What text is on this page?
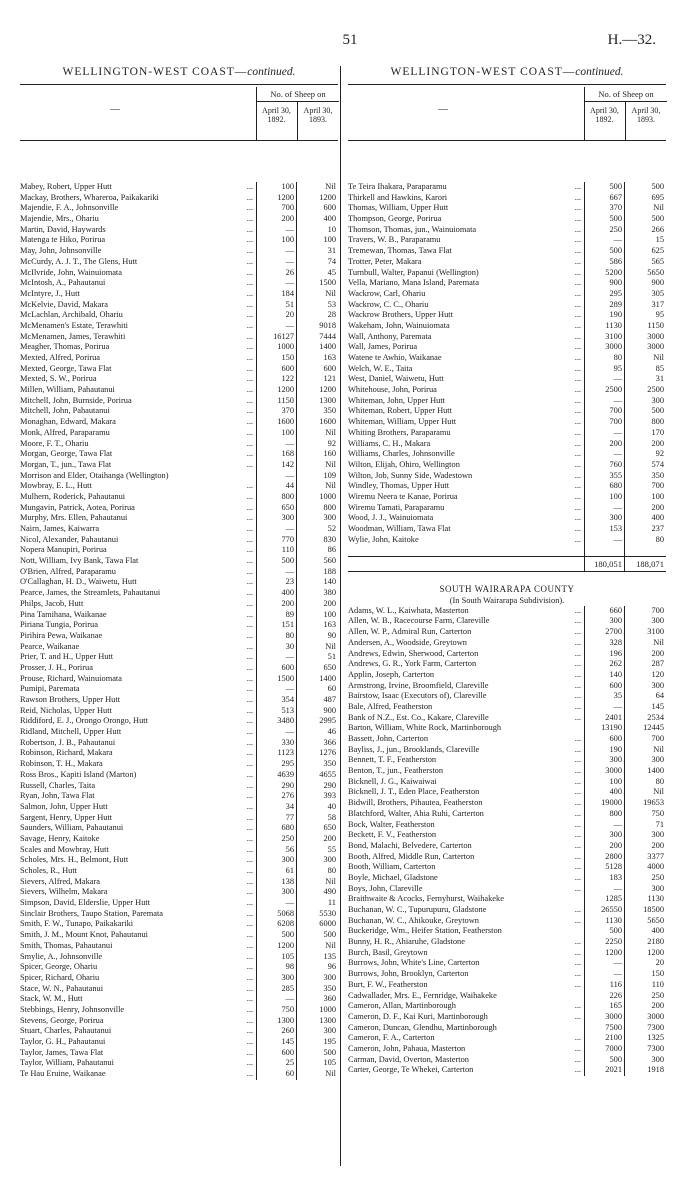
51	H.—32.
WELLINGTON-WEST COAST—continued.
—
No. of Sheep on
April 30,
1892.
April 30,
1893.
...
Mabey, Robert, Upper Hutt	100	Nil
...
Mackay, Brothers, Whareroa, Paikakariki	1200	1200
...
Majendie, F. A., Johnsonville	700	600
...
Majendie, Mrs., Ohariu	200	400
...
Martin, David, Haywards	—	10
...
Matenga te Hiko, Porirua	100	100
...
May, John, Johnsonville	—	31
...
McCurdy, A. J. T., The Glens, Hutt	—	74
...
McIlvride, John, Wainuiomata	26	45
...
McIntosh, A., Pahautanui	—	1500
...
McIntyre, J., Hutt	184	Nil
...
McKelvie, David, Makara	51	53
...
McLachlan, Archibald, Ohariu	20	28
...
McMenamen's Estate, Terawhiti	—	9018
...
McMenamen, James, Terawhiti	16127	7444
...
Meagher, Thomas, Porirua	1000	1400
...
Mexted, Alfred, Porirua	150	163
...
Mexted, George, Tawa Flat	600	600
...
Mexted, S. W., Porirua	122	121
...
Millen, William, Pahautanui	1200	1200
...
Mitchell, John, Burnside, Porirua	1150	1300
...
Mitchell, John, Pahautanui	370	350
...
Monaghan, Edward, Makara	1600	1600
...
Monk, Alfred, Paraparamu	100	Nil
...
Moore, F. T., Ohariu	—	92
...
Morgan, George, Tawa Flat	168	160
...
Morgan, T., jun., Tawa Flat	142	Nil
Morrison and Elder, Otaihanga (Wellington)	—	109
...
Mowbray, E. L., Hutt	44	Nil
...
Mulhern, Roderick, Pahautanui	800	1000
...
Mungavin, Patrick, Aotea, Porirua	650	800
...
Murphy, Mrs. Ellen, Pahautanui	300	300
...
Nairn, James, Kaiwarra	—	52
...
Nicol, Alexander, Pahautanui	770	830
...
Nopera Manupiri, Porirua	110	86
...
Nott, William, Ivy Bank, Tawa Flat	500	560
...
O'Brien, Alfred, Paraparamu	—	188
...
O'Callaghan, H. D., Waiwetu, Hutt	23	140
...
Pearce, James, the Streamlets, Pahautanui	400	380
...
Philps, Jacob, Hutt	200	200
...
Pina Tamihana, Waikanae	89	100
...
Piriana Tungia, Porirua	151	163
...
Pirihira Pewa, Waikanae	80	90
...
Pearce, Waikanae	30	Nil
...
Prier, T. and H., Upper Hutt	—	51
...
Prosser, J. H., Porirua	600	650
...
Prouse, Richard, Wainuiomata	1500	1400
...
Pumipi, Paremata	—	60
...
Rawson Brothers, Upper Hutt	354	487
...
Reid, Nicholas, Upper Hutt	513	900
...
Riddiford, E. J., Orongo Orongo, Hutt	3480	2995
...
Ridland, Mitchell, Upper Hutt	—	46
...
Robertson, J. B., Pahautanui	330	366
...
Robinson, Richard, Makara	1123	1276
...
Robinson, T. H., Makara	295	350
...
Ross Bros., Kapiti Island (Marton)	4639	4655
...
Russell, Charles, Taita	290	290
...
Ryan, John, Tawa Flat	276	393
...
Salmon, John, Upper Hutt	34	40
...
Sargent, Henry, Upper Hutt	77	58
...
Saunders, William, Pahautanui	680	650
...
Savage, Henry, Kaitoke	250	200
...
Scales and Mowbray, Hutt	56	55
...
Scholes, Mrs. H., Belmont, Hutt	300	300
...
Scholes, R., Hutt	61	80
...
Sievers, Alfred, Makara	138	Nil
...
Sievers, Wilhelm, Makara	300	490
...
Simpson, David, Elderslie, Upper Hutt	—	11
...
Sinclair Brothers, Taupo Station, Paremata	5068	5530
...
Smith, F. W., Tunapo, Paikakariki	6208	6000
...
Smith, J. M., Mount Knot, Pahautanui	500	500
...
Smith, Thomas, Pahautanui	1200	Nil
...
Smylie, A., Johnsonville	105	135
...
Spicer, George, Ohariu	98	96
...
Spicer, Richard, Ohariu	300	300
...
Stace, W. N., Pahautanui	285	350
...
Stack, W. M., Hutt	—	360
...
Stebbings, Henry, Johnsonville	750	1000
...
Stevens, George, Porirua	1300	1300
...
Stuart, Charles, Pahautanui	260	300
...
Taylor, G. H., Pahautanui	145	195
...
Taylor, James, Tawa Flat	600	500
...
Taylor, William, Pahautanui	25	105
...
Te Hau Eruine, Waikanae	60	Nil
WELLINGTON-WEST COAST—continued.
—
No. of Sheep on
April 30,
1892.
April 30,
1893.
...
Te Teira Ihakara, Paraparamu	500	500
...
Thirkell and Hawkins, Karori	667	695
...
Thomas, William, Upper Hutt	370	Nil
...
Thompson, George, Porirua	500	500
...
Thomson, Thomas, jun., Wainuiomata	250	266
...
Travers, W. B., Paraparamu	—	15
...
Tremewan, Thomas, Tawa Flat	500	625
...
Trotter, Peter, Makara	586	565
...
Turnbull, Walter, Papanui (Wellington)	5200	5650
...
Vella, Mariano, Mana Island, Paremata	900	900
...
Wackrow, Carl, Ohariu	295	305
...
Wackrow, C. C., Ohariu	289	317
...
Wackrow Brothers, Upper Hutt	190	95
...
Wakeham, John, Wainuiomata	1130	1150
...
Wall, Anthony, Paremata	3100	3000
...
Wall, James, Porirua	3000	3000
...
Watene te Awhio, Waikanae	80	Nil
...
Welch, W. E., Taita	95	85
...
West, Daniel, Waiwetu, Hutt	—	31
...
Whitehouse, John, Porirua	2500	2500
...
Whiteman, John, Upper Hutt	—	300
...
Whiteman, Robert, Upper Hutt	700	500
...
Whiteman, William, Upper Hutt	700	800
...
Whiting Brothers, Paraparamu	—	170
...
Williams, C. H., Makara	200	200
...
Williams, Charles, Johnsonville	—	92
...
Wilton, Elijah, Ohiro, Wellington	760	574
...
Wilton, Job, Sunny Side, Wadestown	355	350
...
Windley, Thomas, Upper Hutt	680	700
...
Wiremu Neera te Kanae, Porirua	100	100
...
Wiremu Tamati, Paraparamu	—	200
...
Wood, J. J., Wainuiomata	300	400
...
Woodman, William, Tawa Flat	153	237
...
Wylie, John, Kaitoke	—	80
180,051	188,071
SOUTH WAIRARAPA COUNTY
(In South Wairarapa Subdivision).
...
Adams, W. L., Kaiwhata, Masterton	660	700
...
Allen, W. B., Racecourse Farm, Clareville	300	300
...
Allen, W. P., Admiral Run, Carterton	2700	3100
...
Andersen, A., Woodside, Greytown	328	Nil
...
Andrews, Edwin, Sherwood, Carterton	196	200
...
Andrews, G. R., York Farm, Carterton	262	287
...
Applin, Joseph, Carterton	140	120
...
Armstrong, Irvine, Broomfield, Clareville	600	300
...
Bairstow, Isaac (Executors of), Clareville	35	64
...
Bale, Alfred, Featherston	—	145
...
Bank of N.Z., Est. Co., Kakare, Clareville	2401	2534
Barton, William, White Rock, Martinborough	13190	12445
...
Bassett, John, Carterton	600	700
...
Bayliss, J., jun., Brooklands, Clareville	190	Nil
...
Bennett, T. F., Featherston	300	300
...
Benton, T., jun., Featherston	3000	1400
...
Bicknell, J. G., Kaiwaiwai	100	80
...
Bicknell, J. T., Eden Place, Featherston	400	Nil
...
Bidwill, Brothers, Pihautea, Featherston	19000	19653
...
Blatchford, Walter, Ahia Ruhi, Carterton	800	750
...
Bock, Walter, Featherston	—	71
...
Beckett, F. V., Featherston	300	300
...
Bond, Malachi, Belvedere, Carterton	200	200
...
Booth, Alfred, Middle Run, Carterton	2800	3377
...
Booth, William, Carterton	5128	4000
...
Boyle, Michael, Gladstone	183	250
...
Boys, John, Clareville	—	300
Braithwaite & Acocks, Fernyhurst, Waihakeke	1285	1130
...
Buchanan, W. C., Tupurupuru, Gladstone	26550	18500
...
Buchanan, W. C., Ahikouke, Greytown	1130	5650
Buckeridge, Wm., Heifer Station, Featherston	500	400
...
Bunny, H. R., Ahiaruhe, Gladstone	2250	2180
...
Burch, Basil, Greytown	1200	1200
...
Burrows, John, White's Line, Carterton	—	20
...
Burrows, John, Brooklyn, Carterton	—	150
...
Burt, F. W., Featherston	116	110
Cadwallader, Mrs. E., Fernridge, Waihakeke	226	250
...
Cameron, Allan, Martinborough	165	200
...
Cameron, D. F., Kai Kuri, Martinborough	3000	3000
Cameron, Duncan, Glendhu, Martinborough	7500	7300
...
Cameron, F. A., Carterton	2100	1325
...
Cameron, John, Pahaua, Masterton	7000	7300
...
Carman, David, Overton, Masterton	500	300
...
Carter, George, Te Whekei, Carterton	2021	1918
